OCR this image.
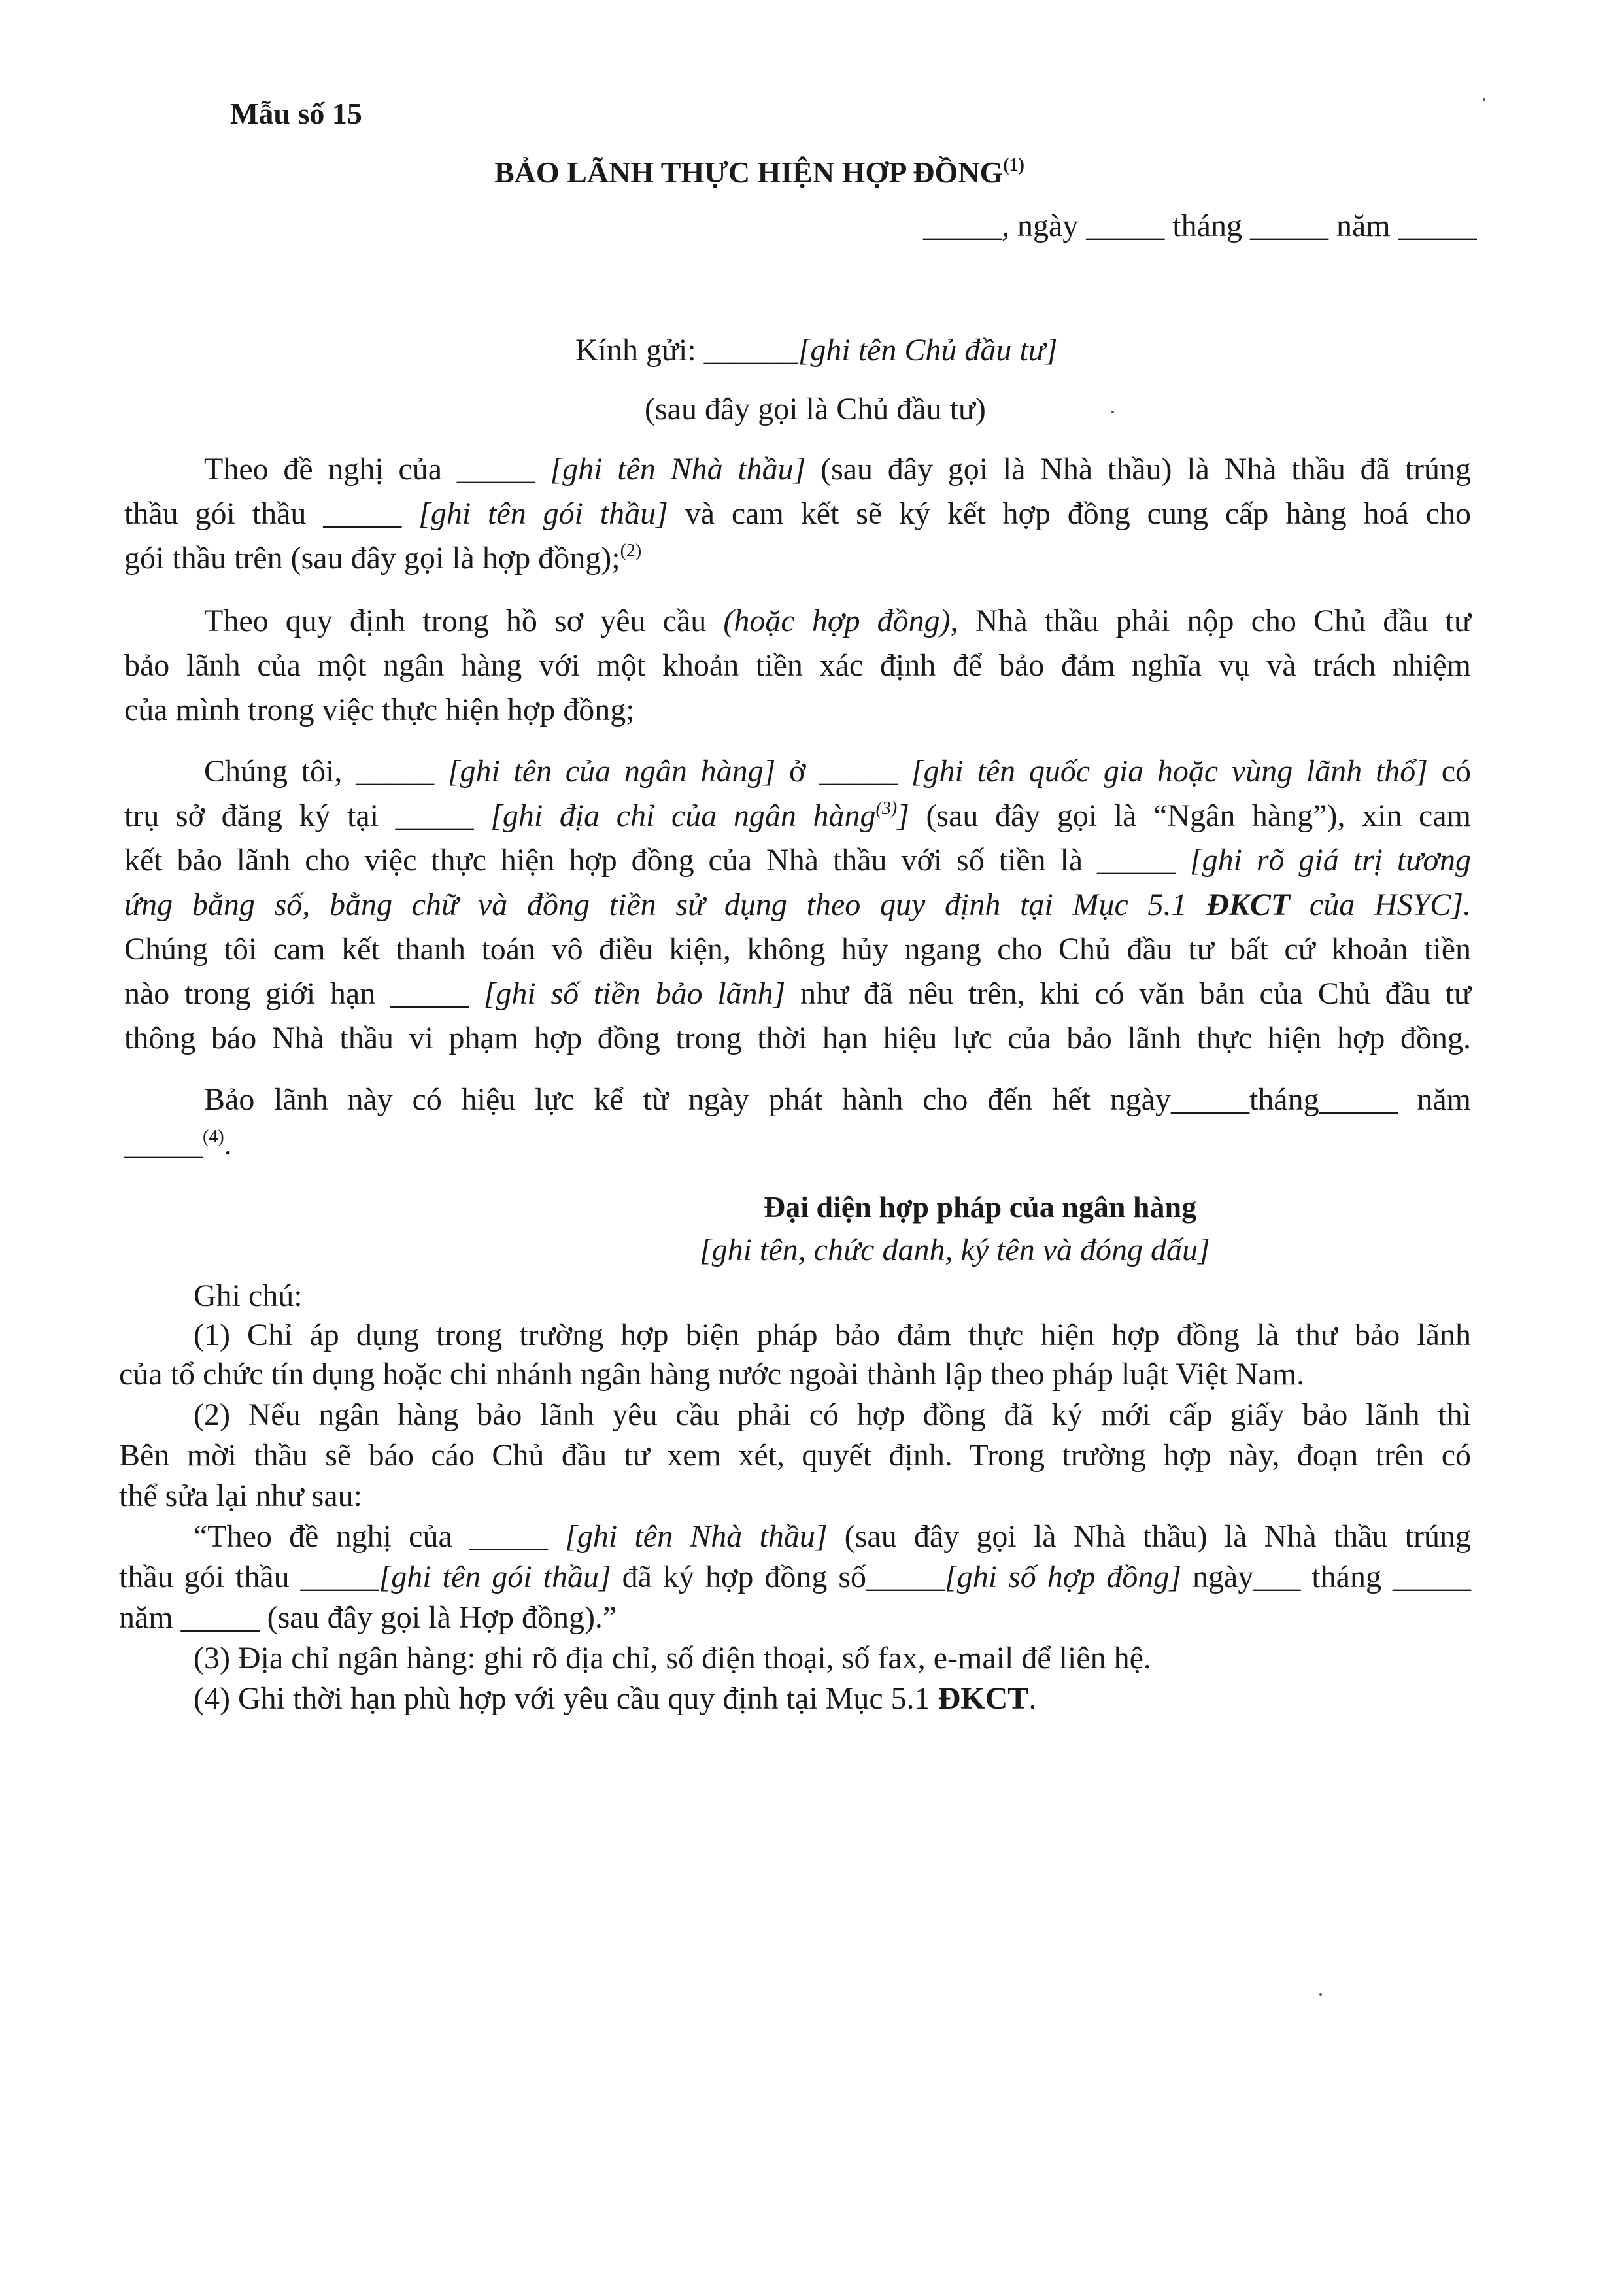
Mẫu số 15
BẢO LÃNH THỰC HIỆN HỢP ĐỒNG$^{(1)}$
_____, ngày _____ tháng _____ năm _____
Kính gửi: ______[ghi tên Chủ đầu tư]
(sau đây gọi là Chủ đầu tư)
Theo đề nghị của _____ [ghi tên Nhà thầu] (sau đây gọi là Nhà thầu) là Nhà thầu đã trúng
thầu gói thầu _____ [ghi tên gói thầu] và cam kết sẽ ký kết hợp đồng cung cấp hàng hoá cho
gói thầu trên (sau đây gọi là hợp đồng);$^{(2)}$
Theo quy định trong hồ sơ yêu cầu (hoặc hợp đồng), Nhà thầu phải nộp cho Chủ đầu tư
bảo lãnh của một ngân hàng với một khoản tiền xác định để bảo đảm nghĩa vụ và trách nhiệm
của mình trong việc thực hiện hợp đồng;
Chúng tôi, _____ [ghi tên của ngân hàng] ở _____ [ghi tên quốc gia hoặc vùng lãnh thổ] có
trụ sở đăng ký tại _____ [ghi địa chỉ của ngân hàng$^{(3)}$] (sau đây gọi là “Ngân hàng”), xin cam
kết bảo lãnh cho việc thực hiện hợp đồng của Nhà thầu với số tiền là _____ [ghi rõ giá trị tương
ứng bằng số, bằng chữ và đồng tiền sử dụng theo quy định tại Mục 5.1 ĐKCT của HSYC].
Chúng tôi cam kết thanh toán vô điều kiện, không hủy ngang cho Chủ đầu tư bất cứ khoản tiền
nào trong giới hạn _____ [ghi số tiền bảo lãnh] như đã nêu trên, khi có văn bản của Chủ đầu tư
thông báo Nhà thầu vi phạm hợp đồng trong thời hạn hiệu lực của bảo lãnh thực hiện hợp đồng.
Bảo lãnh này có hiệu lực kể từ ngày phát hành cho đến hết ngày_____tháng_____ năm
_____$^{(4)}$.
Đại diện hợp pháp của ngân hàng
[ghi tên, chức danh, ký tên và đóng dấu]
Ghi chú:
(1) Chỉ áp dụng trong trường hợp biện pháp bảo đảm thực hiện hợp đồng là thư bảo lãnh
của tổ chức tín dụng hoặc chi nhánh ngân hàng nước ngoài thành lập theo pháp luật Việt Nam.
(2) Nếu ngân hàng bảo lãnh yêu cầu phải có hợp đồng đã ký mới cấp giấy bảo lãnh thì
Bên mời thầu sẽ báo cáo Chủ đầu tư xem xét, quyết định. Trong trường hợp này, đoạn trên có
thể sửa lại như sau:
“Theo đề nghị của _____ [ghi tên Nhà thầu] (sau đây gọi là Nhà thầu) là Nhà thầu trúng
thầu gói thầu _____[ghi tên gói thầu] đã ký hợp đồng số_____[ghi số hợp đồng] ngày___ tháng _____
năm _____ (sau đây gọi là Hợp đồng).”
(3) Địa chỉ ngân hàng: ghi rõ địa chỉ, số điện thoại, số fax, e-mail để liên hệ.
(4) Ghi thời hạn phù hợp với yêu cầu quy định tại Mục 5.1 ĐKCT.
